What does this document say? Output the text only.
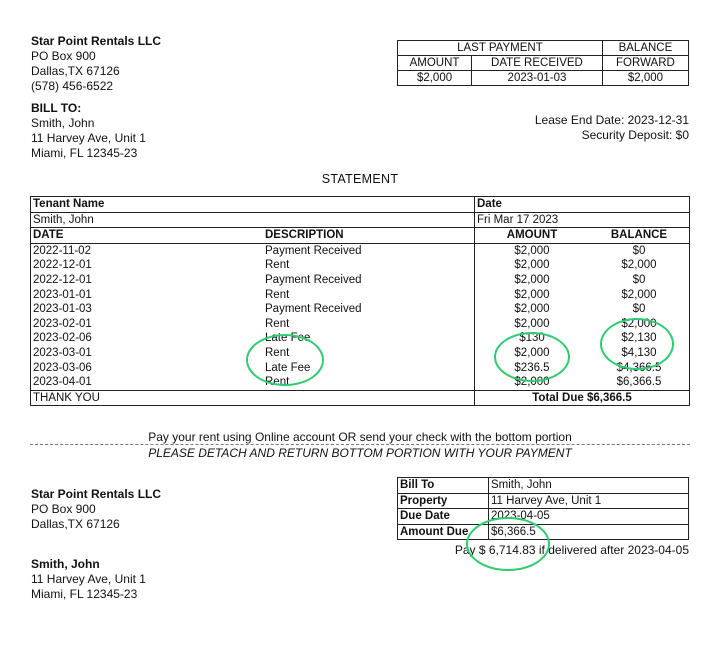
Star Point Rentals LLC
PO Box 900
Dallas,TX 67126
(578) 456-6522
BILL TO:
Smith, John
11 Harvey Ave, Unit 1
Miami, FL 12345-23
LAST PAYMENT		BALANCE
AMOUNT	DATE RECEIVED	FORWARD
$2,000	2023-01-03	$2,000
Lease End Date: 2023-12-31
Security Deposit: $0
STATEMENT
Tenant Name		Date	
Smith, John		Fri Mar 17 2023	
DATE	DESCRIPTION	AMOUNT	BALANCE
2022-11-02	Payment Received	$2,000	$0
2022-12-01	Rent	$2,000	$2,000
2022-12-01	Payment Received	$2,000	$0
2023-01-01	Rent	$2,000	$2,000
2023-01-03	Payment Received	$2,000	$0
2023-02-01	Rent	$2,000	$2,000
2023-02-06	Late Fee	$130	$2,130
2023-03-01	Rent	$2,000	$4,130
2023-03-06	Late Fee	$236.5	$4,366.5
2023-04-01	Rent	$2,000	$6,366.5
THANK YOU		Total Due $6,366.5	
Pay your rent using Online account OR send your check with the bottom portion
PLEASE DETACH AND RETURN BOTTOM PORTION WITH YOUR PAYMENT
Star Point Rentals LLC
PO Box 900
Dallas,TX 67126
Smith, John
11 Harvey Ave, Unit 1
Miami, FL 12345-23
Bill To	Smith, John
Property	11 Harvey Ave, Unit 1
Due Date	2023-04-05
Amount Due	$6,366.5
Pay $ 6,714.83 if delivered after 2023-04-05
